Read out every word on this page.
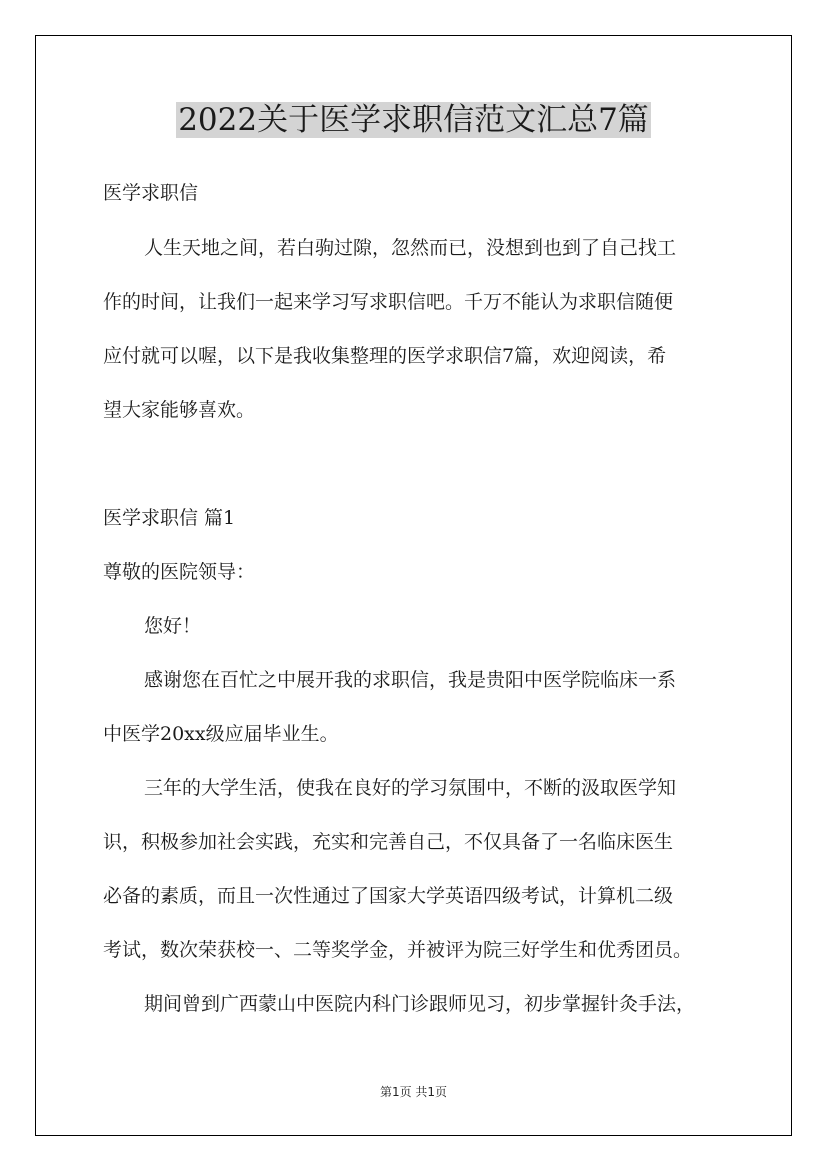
2022关于医学求职信范文汇总7篇

医学求职信

人生天地之间，若白驹过隙，忽然而已，没想到也到了自己找工

作的时间，让我们一起来学习写求职信吧。千万不能认为求职信随便

应付就可以喔，以下是我收集整理的医学求职信7篇，欢迎阅读，希

望大家能够喜欢。

医学求职信 篇1

尊敬的医院领导：

您好！

感谢您在百忙之中展开我的求职信，我是贵阳中医学院临床一系

中医学20xx级应届毕业生。

三年的大学生活，使我在良好的学习氛围中，不断的汲取医学知

识，积极参加社会实践，充实和完善自己，不仅具备了一名临床医生

必备的素质，而且一次性通过了国家大学英语四级考试，计算机二级

考试，数次荣获校一、二等奖学金，并被评为院三好学生和优秀团员。

期间曾到广西蒙山中医院内科门诊跟师见习，初步掌握针灸手法，

第1页 共1页
